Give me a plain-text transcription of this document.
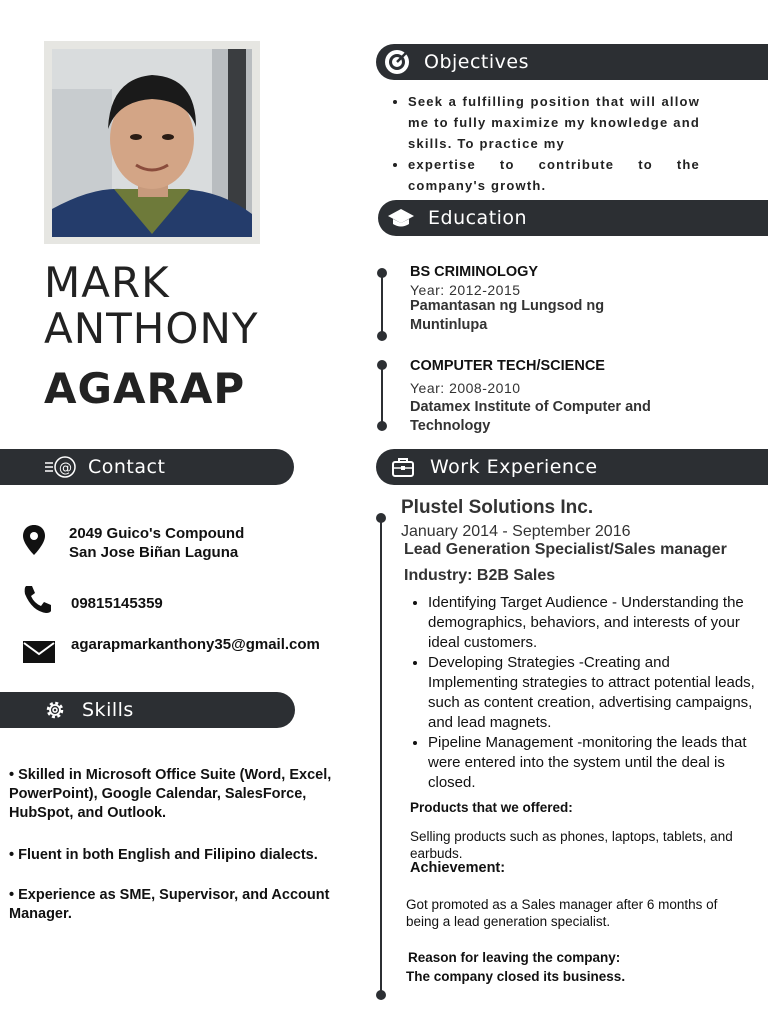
MARK
ANTHONY
AGARAP
Objectives
• Seek a fulfilling position that will allow me to fully maximize my knowledge and skills. To practice my
• expertise to contribute to the company's growth.
Education
BS CRIMINOLOGY
Year: 2012-2015
Pamantasan ng Lungsod ng Muntinlupa
COMPUTER TECH/SCIENCE
Year: 2008-2010
Datamex Institute of Computer and Technology
@ Contact
2049 Guico's Compound
San Jose Biñan Laguna
09815145359
agarapmarkanthony35@gmail.com
Skills
• Skilled in Microsoft Office Suite (Word, Excel, PowerPoint), Google Calendar, SalesForce, HubSpot, and Outlook.
• Fluent in both English and Filipino dialects.
• Experience as SME, Supervisor, and Account Manager.
Work Experience
Plustel Solutions Inc.
January 2014 - September 2016
Lead Generation Specialist/Sales manager
Industry: B2B Sales
• Identifying Target Audience - Understanding the demographics, behaviors, and interests of your ideal customers.
• Developing Strategies -Creating and Implementing strategies to attract potential leads, such as content creation, advertising campaigns, and lead magnets.
• Pipeline Management -monitoring the leads that were entered into the system until the deal is closed.
Products that we offered:
Selling products such as phones, laptops, tablets, and earbuds.
Achievement:
Got promoted as a Sales manager after 6 months of being a lead generation specialist.
Reason for leaving the company:
The company closed its business.
